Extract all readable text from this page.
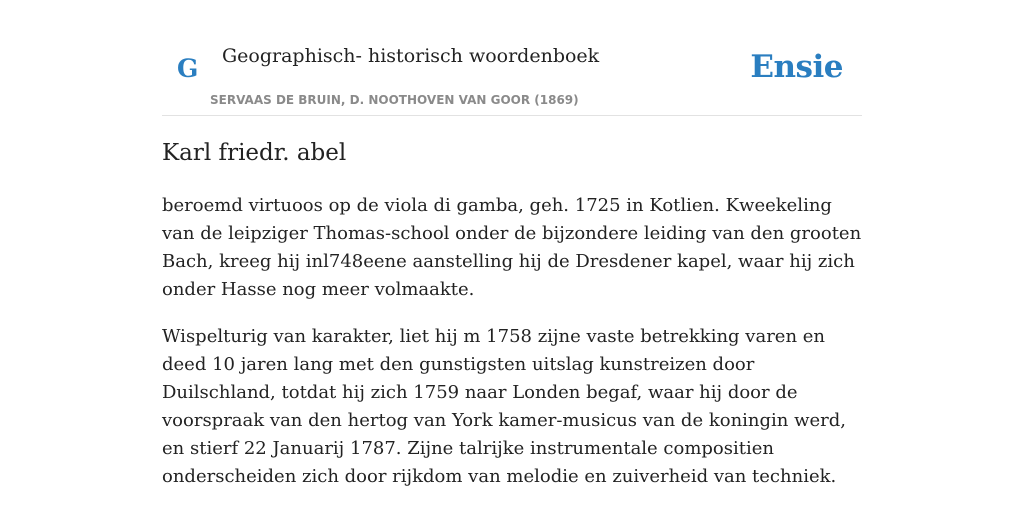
G Geographisch- historisch woordenboek
SERVAAS DE BRUIN, D. NOOTHOVEN VAN GOOR (1869)
Ensie
Karl friedr. abel

beroemd virtuoos op de viola di gamba, geh. 1725 in Kotlien. Kweekeling van de leipziger Thomas-school onder de bijzondere leiding van den grooten Bach, kreeg hij inl748eene aanstelling hij de Dresdener kapel, waar hij zich onder Hasse nog meer volmaakte.

Wispelturig van karakter, liet hij m 1758 zijne vaste betrekking varen en deed 10 jaren lang met den gunstigsten uitslag kunstreizen door Duilschland, totdat hij zich 1759 naar Londen begaf, waar hij door de voorspraak van den hertog van York kamer-musicus van de koningin werd, en stierf 22 Januarij 1787. Zijne talrijke instrumentale compositien onderscheiden zich door rijkdom van melodie en zuiverheid van techniek.
